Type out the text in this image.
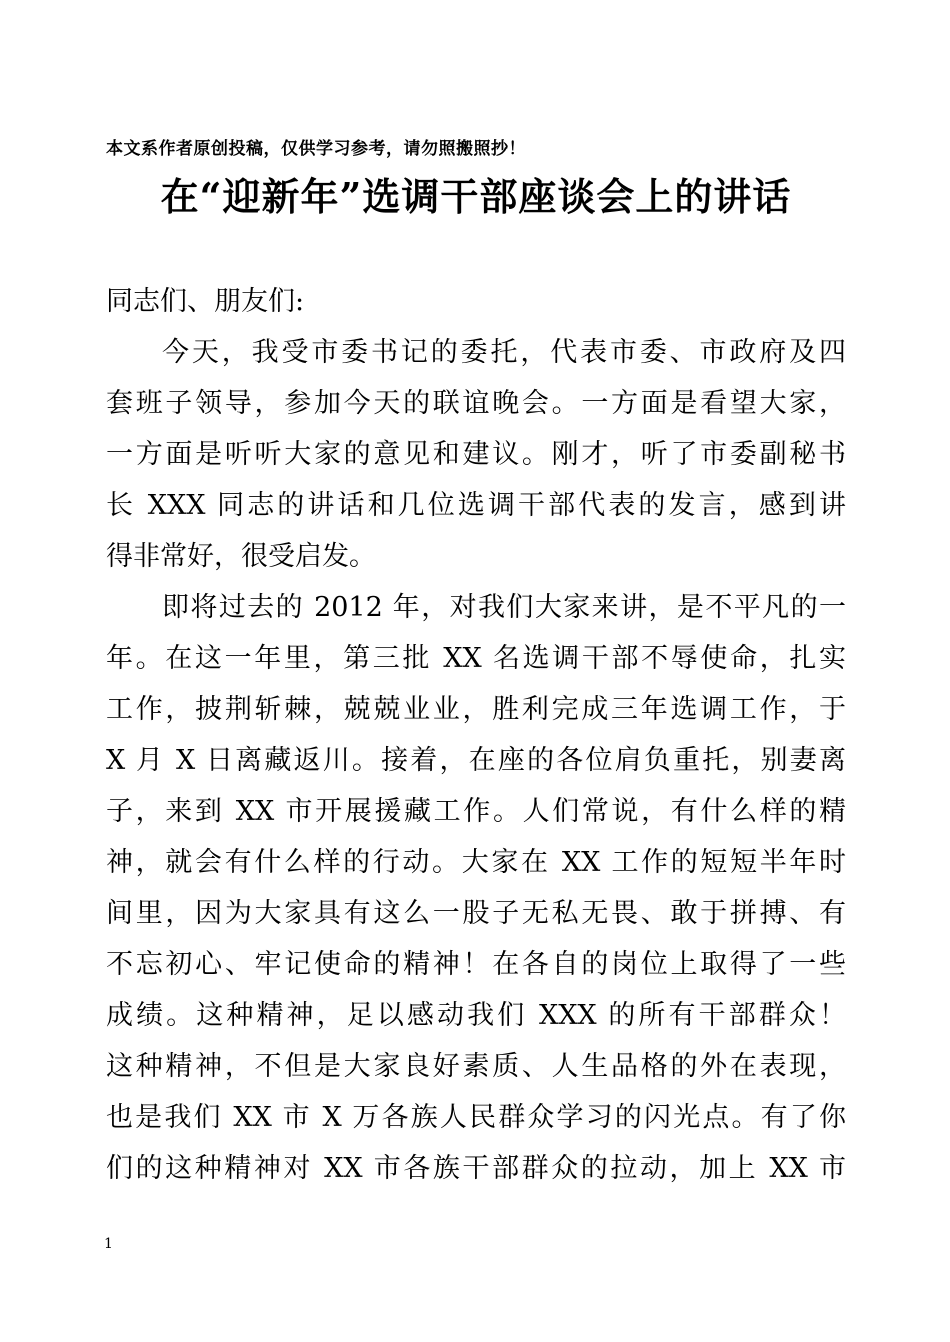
本文系作者原创投稿，仅供学习参考，请勿照搬照抄！
在“迎新年”选调干部座谈会上的讲话
同志们、朋友们:
今天，我受市委书记的委托，代表市委、市政府及四
套班子领导，参加今天的联谊晚会。一方面是看望大家，
一方面是听听大家的意见和建议。刚才，听了市委副秘书
长 XXX 同志的讲话和几位选调干部代表的发言，感到讲
得非常好，很受启发。
即将过去的 2012 年，对我们大家来讲，是不平凡的一
年。在这一年里，第三批 XX 名选调干部不辱使命，扎实
工作，披荆斩棘，兢兢业业，胜利完成三年选调工作，于
X 月 X 日离藏返川。接着，在座的各位肩负重托，别妻离
子，来到 XX 市开展援藏工作。人们常说，有什么样的精
神，就会有什么样的行动。大家在 XX 工作的短短半年时
间里，因为大家具有这么一股子无私无畏、敢于拼搏、有
不忘初心、牢记使命的精神！在各自的岗位上取得了一些
成绩。这种精神，足以感动我们 XXX 的所有干部群众！
这种精神，不但是大家良好素质、人生品格的外在表现，
也是我们 XX 市 X 万各族人民群众学习的闪光点。有了你
们的这种精神对 XX 市各族干部群众的拉动，加上 XX 市
1
